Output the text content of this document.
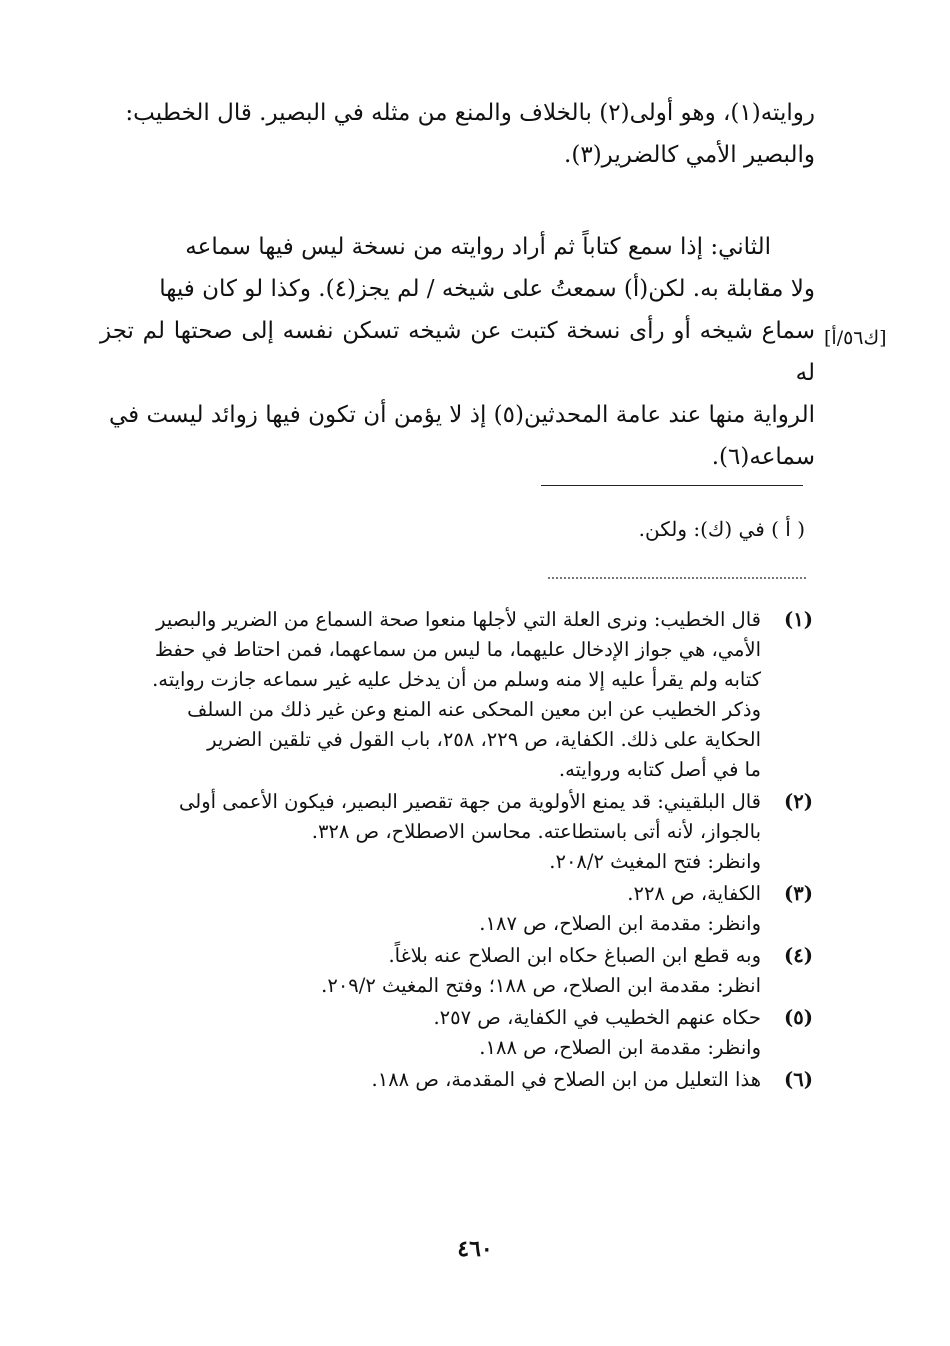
روايته(١)، وهو أولى(٢) بالخلاف والمنع من مثله في البصير. قال الخطيب:
والبصير الأمي كالضرير(٣).
الثاني: إذا سمع كتاباً ثم أراد روايته من نسخة ليس فيها سماعه
ولا مقابلة به. لكن(أ) سمعتُ على شيخه / لم يجز(٤). وكذا لو كان فيها
سماع شيخه أو رأى نسخة كتبت عن شيخه تسكن نفسه إلى صحتها لم تجز له
الرواية منها عند عامة المحدثين(٥) إذ لا يؤمن أن تكون فيها زوائد ليست في
سماعه(٦).
[ك٥٦/أ]
( أ ) في (ك): ولكن.
(١)
قال الخطيب: ونرى العلة التي لأجلها منعوا صحة السماع من الضرير والبصير
الأمي، هي جواز الإدخال عليهما، ما ليس من سماعهما، فمن احتاط في حفظ
كتابه ولم يقرأ عليه إلا منه وسلم من أن يدخل عليه غير سماعه جازت روايته.
وذكر الخطيب عن ابن معين المحكى عنه المنع وعن غير ذلك من السلف
الحكاية على ذلك. الكفاية، ص ٢٢٩، ٢٥٨، باب القول في تلقين الضرير
ما في أصل كتابه وروايته.
(٢)
قال البلقيني: قد يمنع الأولوية من جهة تقصير البصير، فيكون الأعمى أولى
بالجواز، لأنه أتى باستطاعته. محاسن الاصطلاح، ص ٣٢٨.
وانظر: فتح المغيث ٢٠٨/٢.
(٣)
الكفاية، ص ٢٢٨.
وانظر: مقدمة ابن الصلاح، ص ١٨٧.
(٤)
وبه قطع ابن الصباغ حكاه ابن الصلاح عنه بلاغاً.
انظر: مقدمة ابن الصلاح، ص ١٨٨؛ وفتح المغيث ٢٠٩/٢.
(٥)
حكاه عنهم الخطيب في الكفاية، ص ٢٥٧.
وانظر: مقدمة ابن الصلاح، ص ١٨٨.
(٦)
هذا التعليل من ابن الصلاح في المقدمة، ص ١٨٨.
٤٦٠
